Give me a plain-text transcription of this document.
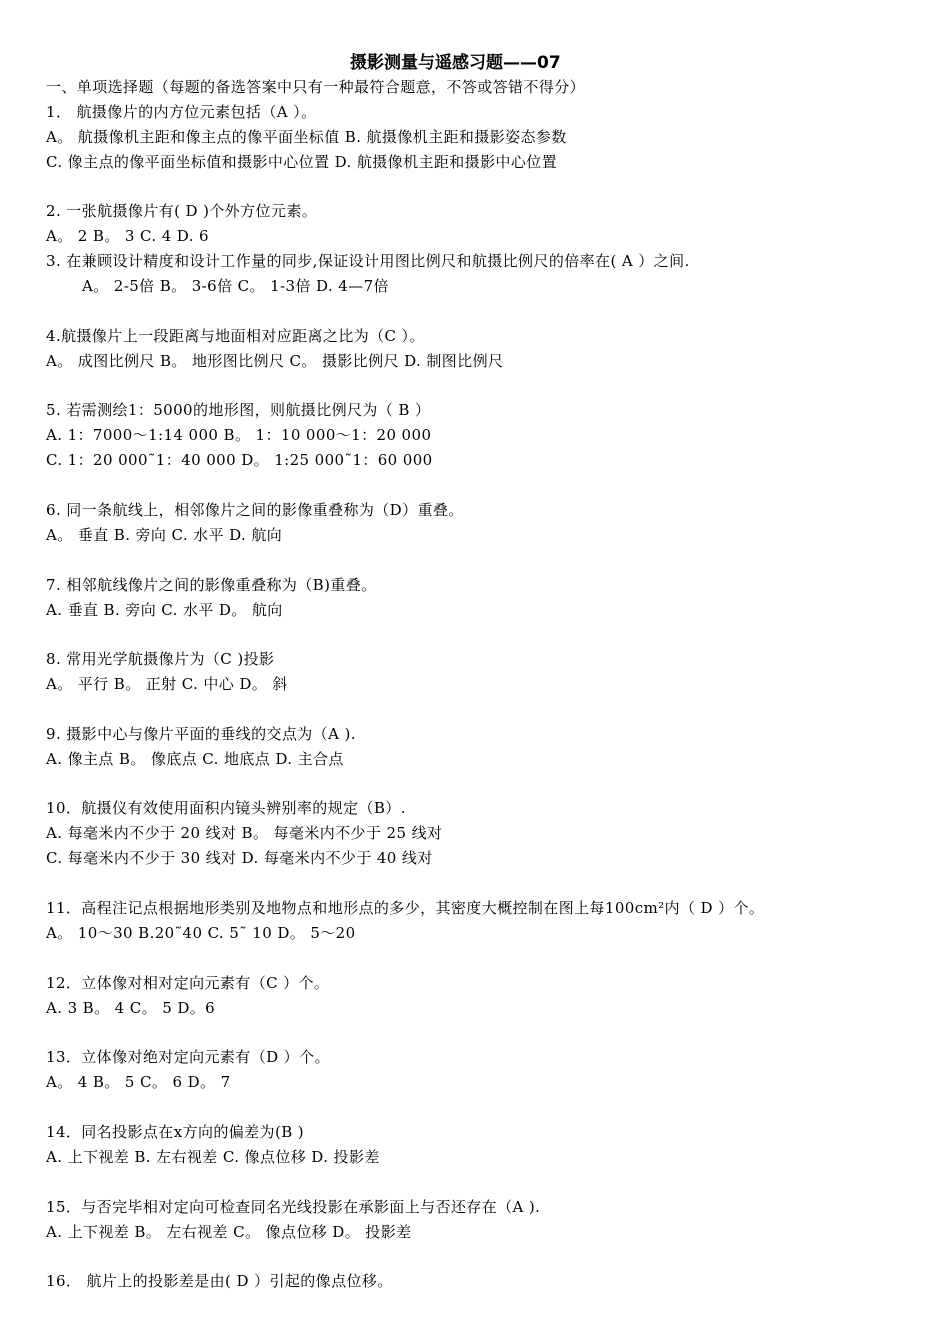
摄影测量与遥感习题——07
一、单项选择题（每题的备选答案中只有一种最符合题意，不答或答错不得分）
1． 航摄像片的内方位元素包括（A ）。
A。 航摄像机主距和像主点的像平面坐标值 B. 航摄像机主距和摄影姿态参数
C. 像主点的像平面坐标值和摄影中心位置 D. 航摄像机主距和摄影中心位置
2. 一张航摄像片有( D )个外方位元素。
A。 2 B。 3 C. 4 D. 6
3. 在兼顾设计精度和设计工作量的同步,保证设计用图比例尺和航摄比例尺的倍率在( A ）之间.
A。 2-5倍 B。 3-6倍 C。 1-3倍 D. 4—7倍
4.航摄像片上一段距离与地面相对应距离之比为（C ）。
A。 成图比例尺 B。 地形图比例尺 C。 摄影比例尺 D. 制图比例尺
5. 若需测绘1：5000的地形图，则航摄比例尺为（ B ）
A. 1：7000～1:14 000 B。 1：10 000～1：20 000
C. 1：20 000˜1：40 000 D。 1:25 000˜1：60 000
6. 同一条航线上，相邻像片之间的影像重叠称为（D）重叠。
A。 垂直 B. 旁向 C. 水平 D. 航向
7. 相邻航线像片之间的影像重叠称为（B)重叠。
A. 垂直 B. 旁向 C. 水平 D。 航向
8. 常用光学航摄像片为（C )投影
A。 平行 B。 正射 C. 中心 D。 斜
9. 摄影中心与像片平面的垂线的交点为（A ).
A. 像主点 B。 像底点 C. 地底点 D. 主合点
10．航摄仪有效使用面积内镜头辨别率的规定（B）.
A. 每毫米内不少于 20 线对 B。 每毫米内不少于 25 线对
C. 每毫米内不少于 30 线对 D. 每毫米内不少于 40 线对
11．高程注记点根据地形类别及地物点和地形点的多少，其密度大概控制在图上每100cm²内（ D ）个。
A。 10～30 B.20˜40 C. 5˜ 10 D。 5～20
12．立体像对相对定向元素有（C ）个。
A. 3 B。 4 C。 5 D。6
13．立体像对绝对定向元素有（D ）个。
A。 4 B。 5 C。 6 D。 7
14．同名投影点在x方向的偏差为(B )
A. 上下视差 B. 左右视差 C. 像点位移 D. 投影差
15．与否完毕相对定向可检查同名光线投影在承影面上与否还存在（A ).
A. 上下视差 B。 左右视差 C。 像点位移 D。 投影差
16． 航片上的投影差是由( D ）引起的像点位移。
